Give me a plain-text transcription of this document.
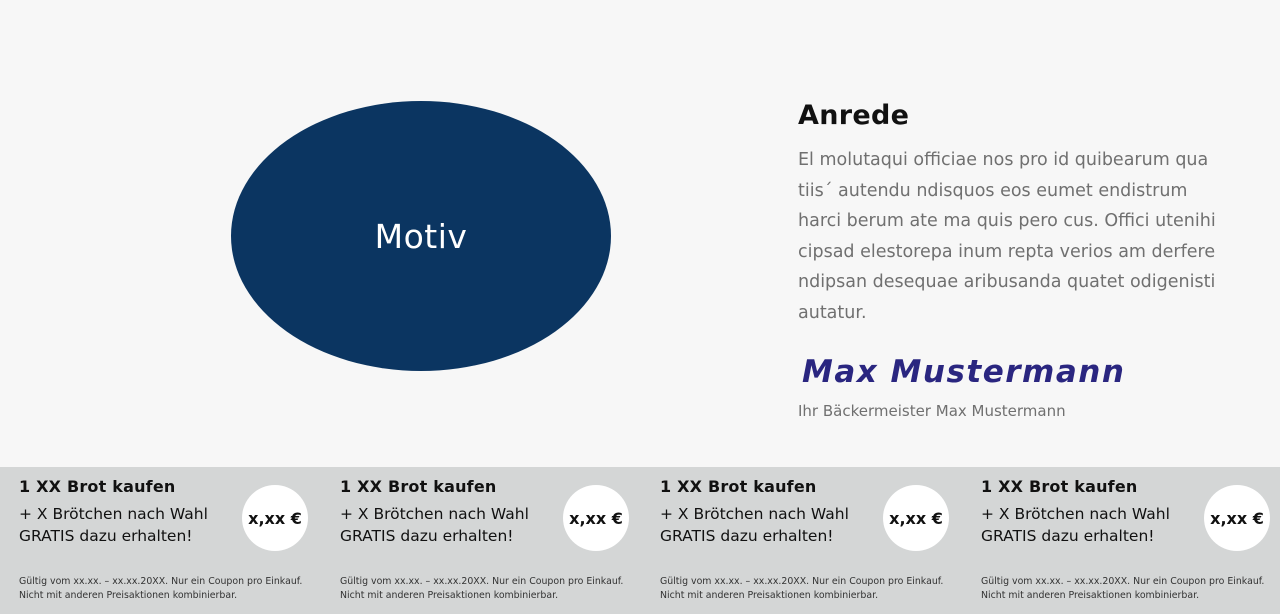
Motiv
Anrede

El molutaqui officiae nos pro id quibearum qua tiis´ autendu ndisquos eos eumet endistrum harci berum ate ma quis pero cus. Offici utenihi cipsad elestorepa inum repta verios am derfere ndipsan desequae aribusanda quatet odigenisti autatur.

Max Mustermann
Ihr Bäckermeister Max Mustermann
1 XX Brot kaufen
+ X Brötchen nach Wahl
GRATIS dazu erhalten!
x,xx €
Gültig vom xx.xx. – xx.xx.20XX. Nur ein Coupon pro Einkauf. Nicht mit anderen Preisaktionen kombinierbar.
1 XX Brot kaufen
+ X Brötchen nach Wahl
GRATIS dazu erhalten!
x,xx €
Gültig vom xx.xx. – xx.xx.20XX. Nur ein Coupon pro Einkauf. Nicht mit anderen Preisaktionen kombinierbar.
1 XX Brot kaufen
+ X Brötchen nach Wahl
GRATIS dazu erhalten!
x,xx €
Gültig vom xx.xx. – xx.xx.20XX. Nur ein Coupon pro Einkauf. Nicht mit anderen Preisaktionen kombinierbar.
1 XX Brot kaufen
+ X Brötchen nach Wahl
GRATIS dazu erhalten!
x,xx €
Gültig vom xx.xx. – xx.xx.20XX. Nur ein Coupon pro Einkauf. Nicht mit anderen Preisaktionen kombinierbar.
